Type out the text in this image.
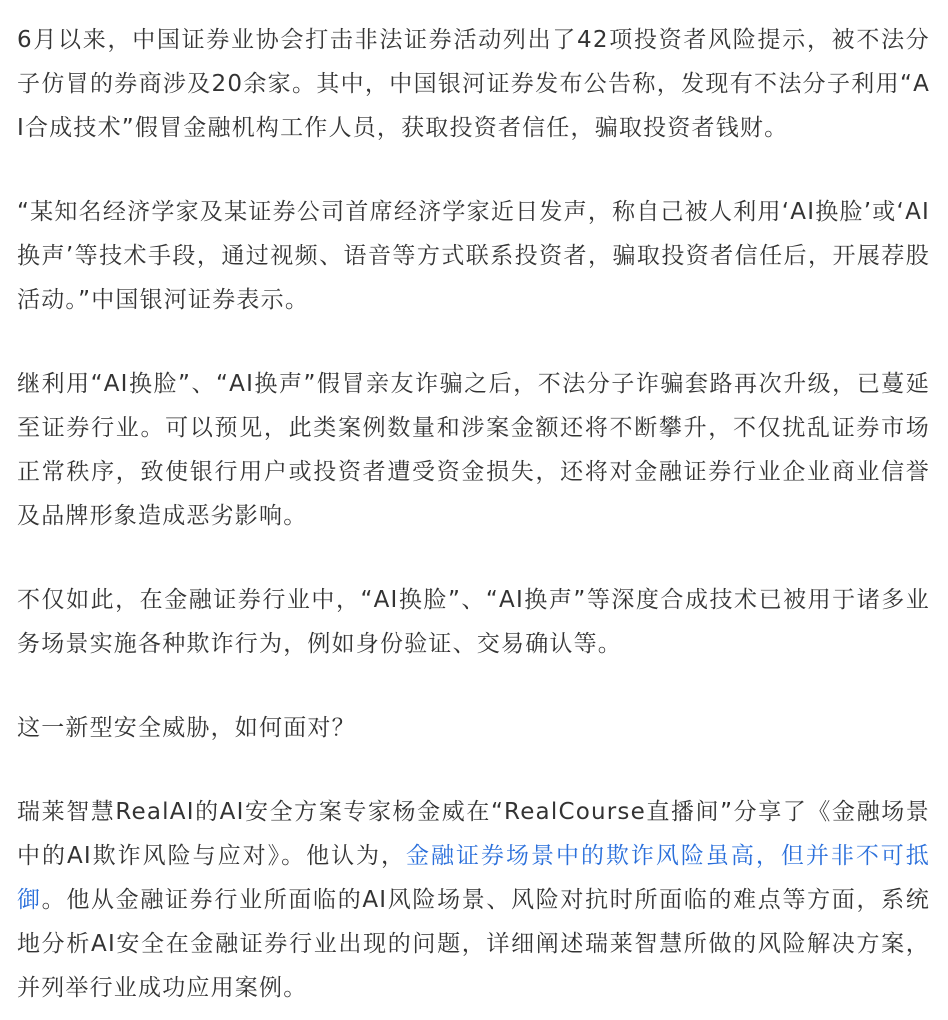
6月以来，中国证券业协会打击非法证券活动列出了42项投资者风险提示，被不法分子仿冒的券商涉及20余家。其中，中国银河证券发布公告称，发现有不法分子利用“AI合成技术”假冒金融机构工作人员，获取投资者信任，骗取投资者钱财。

“某知名经济学家及某证券公司首席经济学家近日发声，称自己被人利用‘AI换脸’或‘AI换声’等技术手段，通过视频、语音等方式联系投资者，骗取投资者信任后，开展荐股活动。”中国银河证券表示。

继利用“AI换脸”、“AI换声”假冒亲友诈骗之后，不法分子诈骗套路再次升级，已蔓延至证券行业。可以预见，此类案例数量和涉案金额还将不断攀升，不仅扰乱证券市场正常秩序，致使银行用户或投资者遭受资金损失，还将对金融证券行业企业商业信誉及品牌形象造成恶劣影响。

不仅如此，在金融证券行业中，“AI换脸”、“AI换声”等深度合成技术已被用于诸多业务场景实施各种欺诈行为，例如身份验证、交易确认等。

这一新型安全威胁，如何面对？

瑞莱智慧RealAI的AI安全方案专家杨金威在“RealCourse直播间”分享了《金融场景中的AI欺诈风险与应对》。他认为，金融证券场景中的欺诈风险虽高，但并非不可抵御。他从金融证券行业所面临的AI风险场景、风险对抗时所面临的难点等方面，系统地分析AI安全在金融证券行业出现的问题，详细阐述瑞莱智慧所做的风险解决方案，并列举行业成功应用案例。
